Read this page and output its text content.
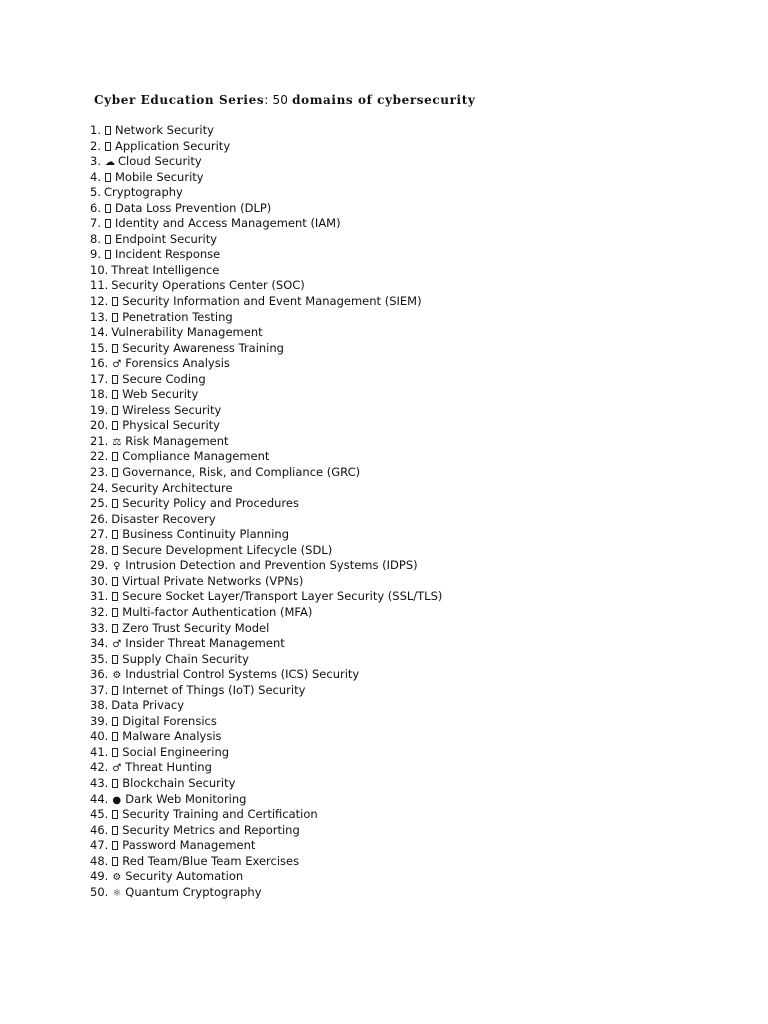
Cyber Education Series: 50 domains of cybersecurity
1. Network Security
2. Application Security
3. ☁ Cloud Security
4. Mobile Security
5. Cryptography
6. Data Loss Prevention (DLP)
7. Identity and Access Management (IAM)
8. Endpoint Security
9. Incident Response
10. Threat Intelligence
11. Security Operations Center (SOC)
12. Security Information and Event Management (SIEM)
13. Penetration Testing
14. Vulnerability Management
15. Security Awareness Training
16. ♂ Forensics Analysis
17. Secure Coding
18. Web Security
19. Wireless Security
20. Physical Security
21. ⚖ Risk Management
22. Compliance Management
23. Governance, Risk, and Compliance (GRC)
24. Security Architecture
25. Security Policy and Procedures
26. Disaster Recovery
27. Business Continuity Planning
28. Secure Development Lifecycle (SDL)
29. ♀ Intrusion Detection and Prevention Systems (IDPS)
30. Virtual Private Networks (VPNs)
31. Secure Socket Layer/Transport Layer Security (SSL/TLS)
32. Multi-factor Authentication (MFA)
33. Zero Trust Security Model
34. ♂ Insider Threat Management
35. Supply Chain Security
36. ⚙ Industrial Control Systems (ICS) Security
37. Internet of Things (IoT) Security
38. Data Privacy
39. Digital Forensics
40. Malware Analysis
41. Social Engineering
42. ♂ Threat Hunting
43. Blockchain Security
44. ● Dark Web Monitoring
45. Security Training and Certification
46. Security Metrics and Reporting
47. Password Management
48. Red Team/Blue Team Exercises
49. ⚙ Security Automation
50. ⚛ Quantum Cryptography
